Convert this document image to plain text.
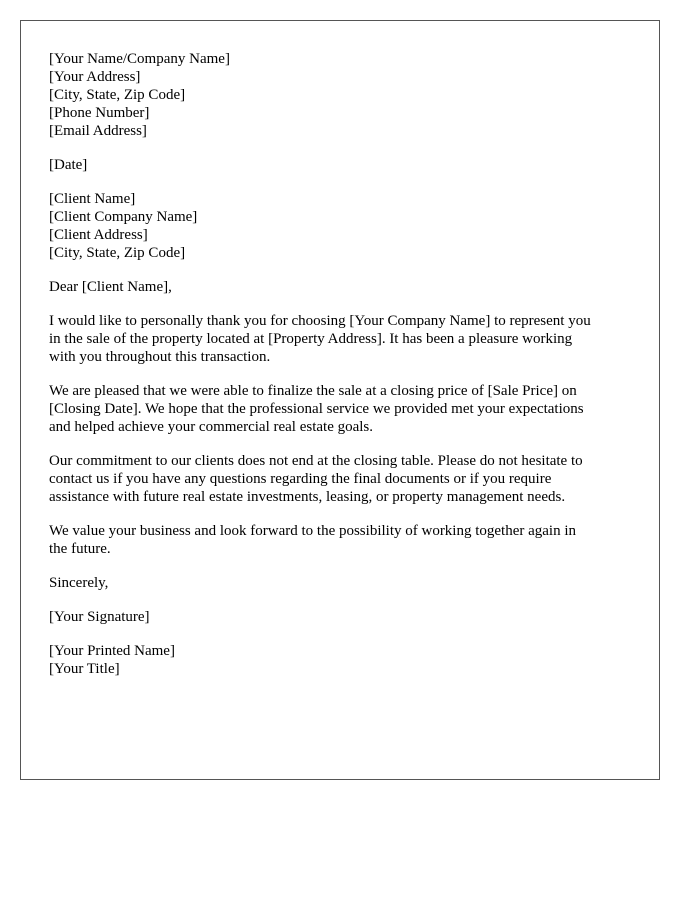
[Your Name/Company Name]
[Your Address]
[City, State, Zip Code]
[Phone Number]
[Email Address]
[Date]
[Client Name]
[Client Company Name]
[Client Address]
[City, State, Zip Code]
Dear [Client Name],
I would like to personally thank you for choosing [Your Company Name] to represent you
in the sale of the property located at [Property Address]. It has been a pleasure working
with you throughout this transaction.
We are pleased that we were able to finalize the sale at a closing price of [Sale Price] on
[Closing Date]. We hope that the professional service we provided met your expectations
and helped achieve your commercial real estate goals.
Our commitment to our clients does not end at the closing table. Please do not hesitate to
contact us if you have any questions regarding the final documents or if you require
assistance with future real estate investments, leasing, or property management needs.
We value your business and look forward to the possibility of working together again in
the future.
Sincerely,
[Your Signature]
[Your Printed Name]
[Your Title]
